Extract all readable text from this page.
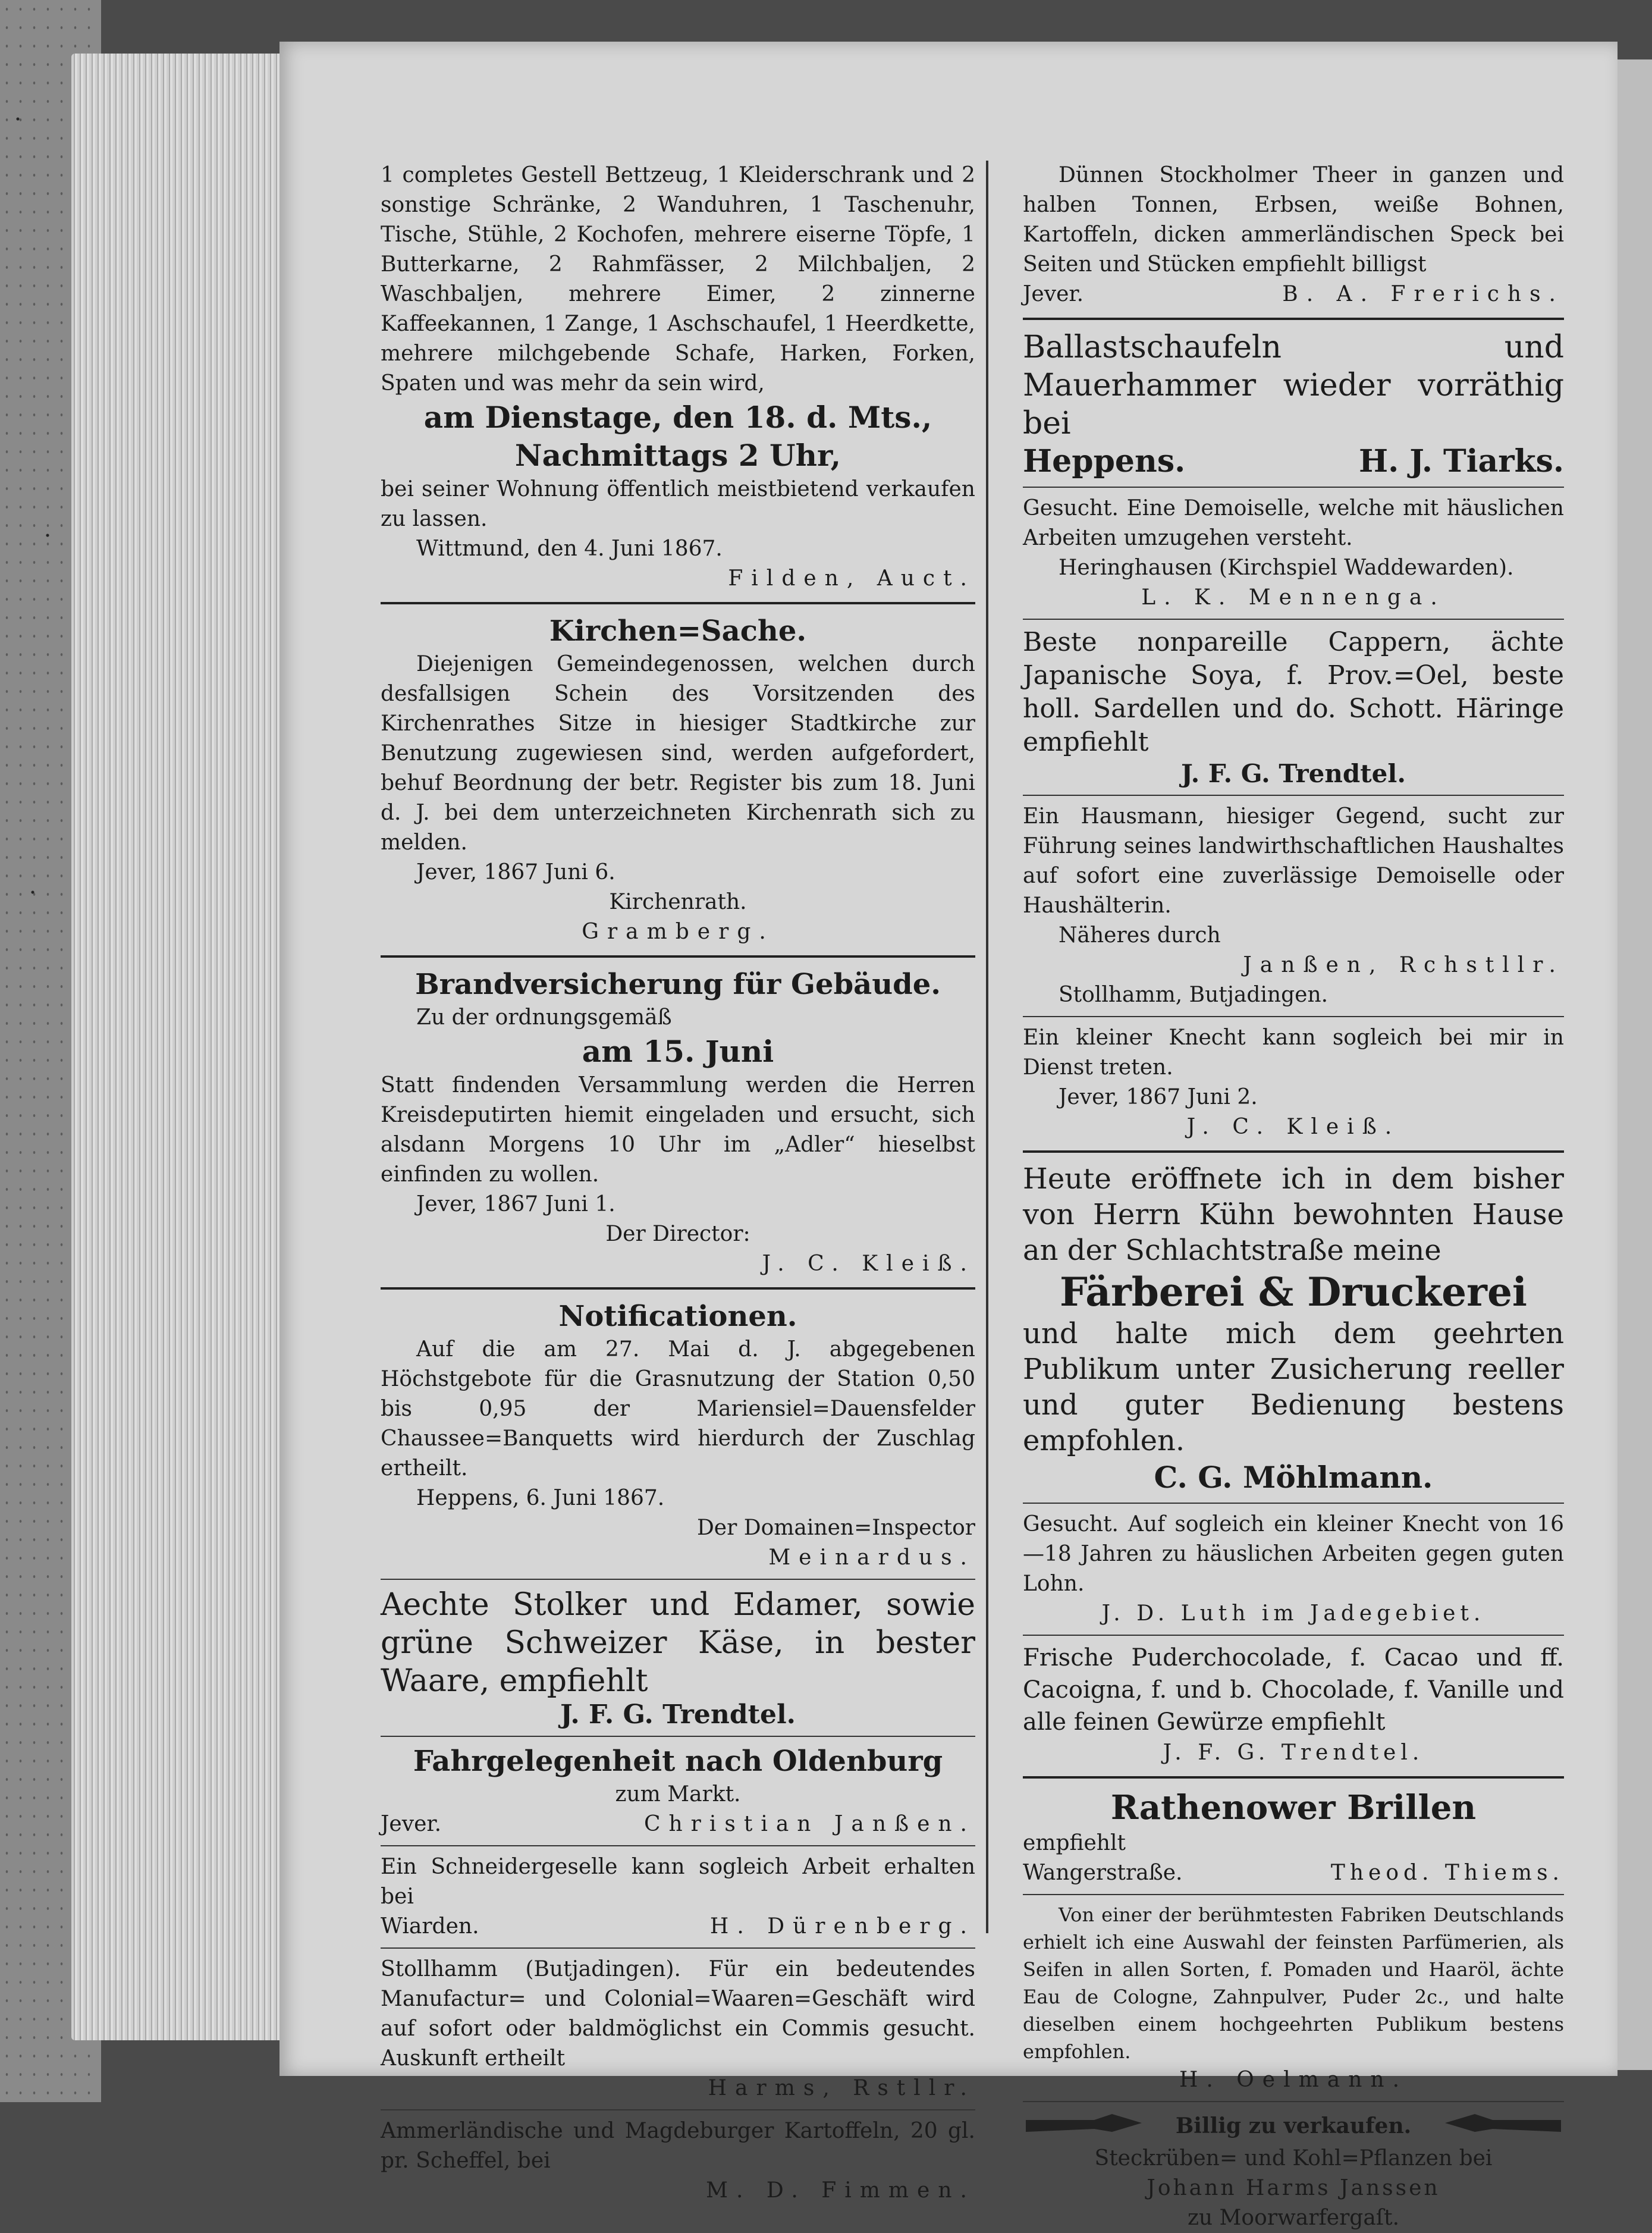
1 completes Gestell Bettzeug, 1 Kleiderschrank und 2 sonstige Schränke, 2 Wanduhren, 1 Taschenuhr, Tische, Stühle, 2 Kochofen, mehrere eiserne Töpfe, 1 Butterkarne, 2 Rahmfässer, 2 Milchbaljen, 2 Waschbaljen, mehrere Eimer, 2 zinnerne Kaffeekannen, 1 Zange, 1 Aschschaufel, 1 Heerdkette, mehrere milchgebende Schafe, Harken, Forken, Spaten und was mehr da sein wird,

am Dienstage, den 18. d. Mts.,

Nachmittags 2 Uhr,

bei seiner Wohnung öffentlich meistbietend verkaufen zu lassen.

Wittmund, den 4. Juni 1867.

Filden, Auct.

Kirchen=Sache.

Diejenigen Gemeindegenossen, welchen durch desfallsigen Schein des Vorsitzenden des Kirchenrathes Sitze in hiesiger Stadtkirche zur Benutzung zugewiesen sind, werden aufgefordert, behuf Beordnung der betr. Register bis zum 18. Juni d. J. bei dem unterzeichneten Kirchenrath sich zu melden.

Jever, 1867 Juni 6.

Kirchenrath.

Gramberg.

Brandversicherung für Gebäude.

Zu der ordnungsgemäß

am 15. Juni

Statt findenden Versammlung werden die Herren Kreisdeputirten hiemit eingeladen und ersucht, sich alsdann Morgens 10 Uhr im „Adler“ hieselbst einfinden zu wollen.

Jever, 1867 Juni 1.

Der Director:

J. C. Kleiß.

Notificationen.

Auf die am 27. Mai d. J. abgegebenen Höchstgebote für die Grasnutzung der Station 0,50 bis 0,95 der Mariensiel=Dauensfelder Chaussee=Banquetts wird hierdurch der Zuschlag ertheilt.

Heppens, 6. Juni 1867.

Der Domainen=Inspector

Meinardus.

Aechte Stolker und Edamer, sowie grüne Schweizer Käse, in bester Waare, empfiehlt

J. F. G. Trendtel.

Fahrgelegenheit nach Oldenburg

zum Markt.

Jever.	Christian Janßen.

Ein Schneidergeselle kann sogleich Arbeit erhalten bei

Wiarden.	H. Dürenberg.

Stollhamm (Butjadingen). Für ein bedeutendes Manufactur= und Colonial=Waaren=Geschäft wird auf sofort oder baldmöglichst ein Commis gesucht. Auskunft ertheilt

Harms, Rstllr.

Ammerländische und Magdeburger Kartoffeln, 20 gl. pr. Scheffel, bei

M. D. Fimmen.

Dünnen Stockholmer Theer in ganzen und halben Tonnen, Erbsen, weiße Bohnen, Kartoffeln, dicken ammerländischen Speck bei Seiten und Stücken empfiehlt billigst

Jever.	B. A. Frerichs.

Ballastschaufeln und Mauerhammer wieder vorräthig bei

Heppens.	H. J. Tiarks.

Gesucht. Eine Demoiselle, welche mit häuslichen Arbeiten umzugehen versteht.

Heringhausen (Kirchspiel Waddewarden).

L. K. Mennenga.

Beste nonpareille Cappern, ächte Japanische Soya, f. Prov.=Oel, beste holl. Sardellen und do. Schott. Häringe empfiehlt

J. F. G. Trendtel.

Ein Hausmann, hiesiger Gegend, sucht zur Führung seines landwirthschaftlichen Haushaltes auf sofort eine zuverlässige Demoiselle oder Haushälterin.

Näheres durch

Janßen, Rchstllr.

Stollhamm, Butjadingen.

Ein kleiner Knecht kann sogleich bei mir in Dienst treten.

Jever, 1867 Juni 2.

J. C. Kleiß.

Heute eröffnete ich in dem bisher von Herrn Kühn bewohnten Hause an der Schlachtstraße meine

Färberei & Druckerei

und halte mich dem geehrten Publikum unter Zusicherung reeller und guter Bedienung bestens empfohlen.

C. G. Möhlmann.

Gesucht. Auf sogleich ein kleiner Knecht von 16—18 Jahren zu häuslichen Arbeiten gegen guten Lohn.

J. D. Luth im Jadegebiet.

Frische Puderchocolade, f. Cacao und ff. Cacoigna, f. und b. Chocolade, f. Vanille und alle feinen Gewürze empfiehlt

J. F. G. Trendtel.

Rathenower Brillen

empfiehlt

Wangerstraße.	Theod. Thiems.

Von einer der berühmtesten Fabriken Deutschlands erhielt ich eine Auswahl der feinsten Parfümerien, als Seifen in allen Sorten, f. Pomaden und Haaröl, ächte Eau de Cologne, Zahnpulver, Puder 2c., und halte dieselben einem hochgeehrten Publikum bestens empfohlen.

H. Oelmann.

Billig zu verkaufen.

Steckrüben= und Kohl=Pflanzen bei

Johann Harms Janssen

zu Moorwarfergaſt.
